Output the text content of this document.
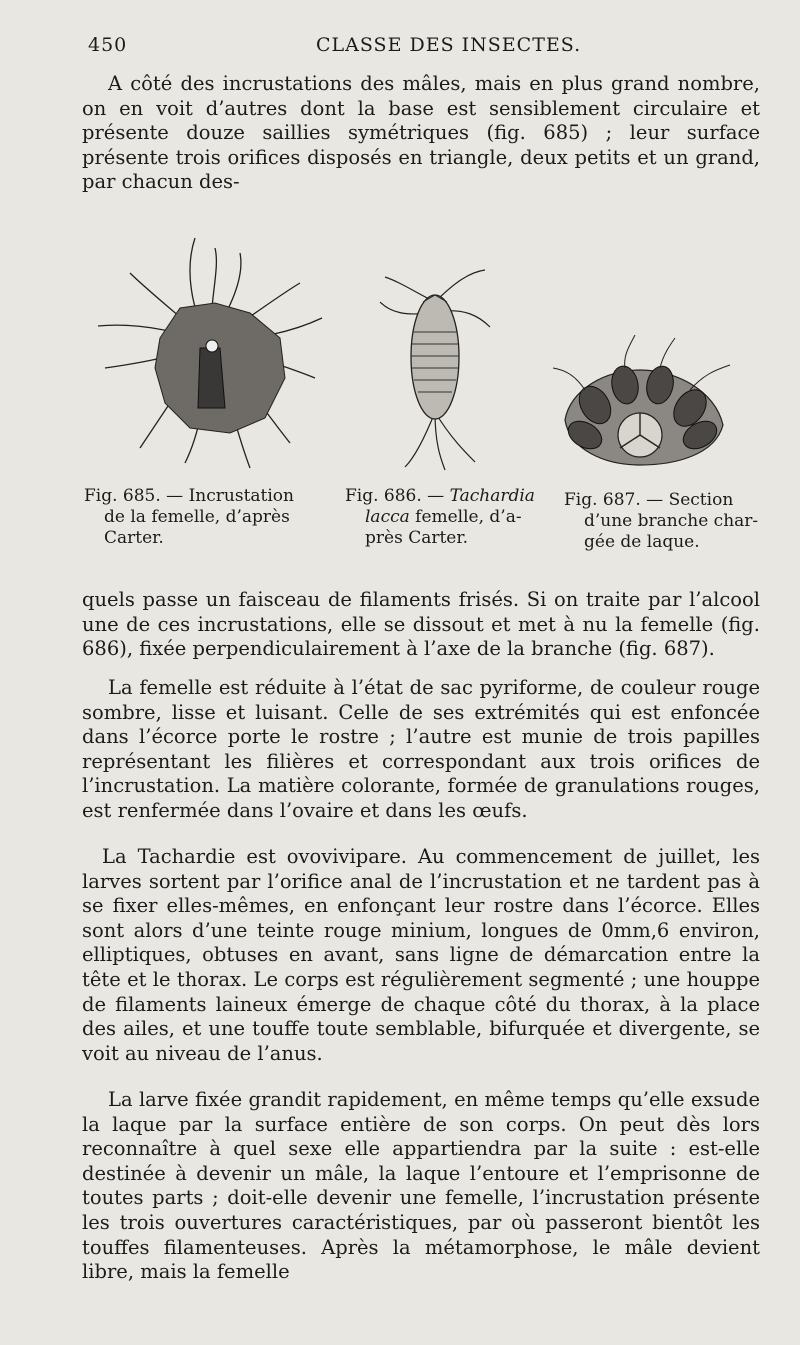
450	CLASSE DES INSECTES.

A côté des incrustations des mâles, mais en plus grand nombre, on en voit d’autres dont la base est sensiblement circulaire et présente douze saillies symétriques (fig. 685) ; leur surface présente trois orifices disposés en triangle, deux petits et un grand, par chacun des-

Fig. 685. — Incrustation
de la femelle, d’après
Carter.
Fig. 686. — Tachardia
lacca femelle, d’a-
près Carter.
Fig. 687. — Section
d’une branche char-
gée de laque.

quels passe un faisceau de filaments frisés. Si on traite par l’alcool une de ces incrustations, elle se dissout et met à nu la femelle (fig. 686), fixée perpendiculairement à l’axe de la branche (fig. 687).

La femelle est réduite à l’état de sac pyriforme, de couleur rouge sombre, lisse et luisant. Celle de ses extrémités qui est enfoncée dans l’écorce porte le rostre ; l’autre est munie de trois papilles représentant les filières et correspondant aux trois orifices de l’incrustation. La matière colorante, formée de granulations rouges, est renfermée dans l’ovaire et dans les œufs.

La Tachardie est ovovivipare. Au commencement de juillet, les larves sortent par l’orifice anal de l’incrustation et ne tardent pas à se fixer elles-mêmes, en enfonçant leur rostre dans l’écorce. Elles sont alors d’une teinte rouge minium, longues de 0mm,6 environ, elliptiques, obtuses en avant, sans ligne de démarcation entre la tête et le thorax. Le corps est régulièrement segmenté ; une houppe de filaments laineux émerge de chaque côté du thorax, à la place des ailes, et une touffe toute semblable, bifurquée et divergente, se voit au niveau de l’anus.

La larve fixée grandit rapidement, en même temps qu’elle exsude la laque par la surface entière de son corps. On peut dès lors reconnaître à quel sexe elle appartiendra par la suite : est-elle destinée à devenir un mâle, la laque l’entoure et l’emprisonne de toutes parts ; doit-elle devenir une femelle, l’incrustation présente les trois ouvertures caractéristiques, par où passeront bientôt les touffes filamenteuses. Après la métamorphose, le mâle devient libre, mais la femelle
